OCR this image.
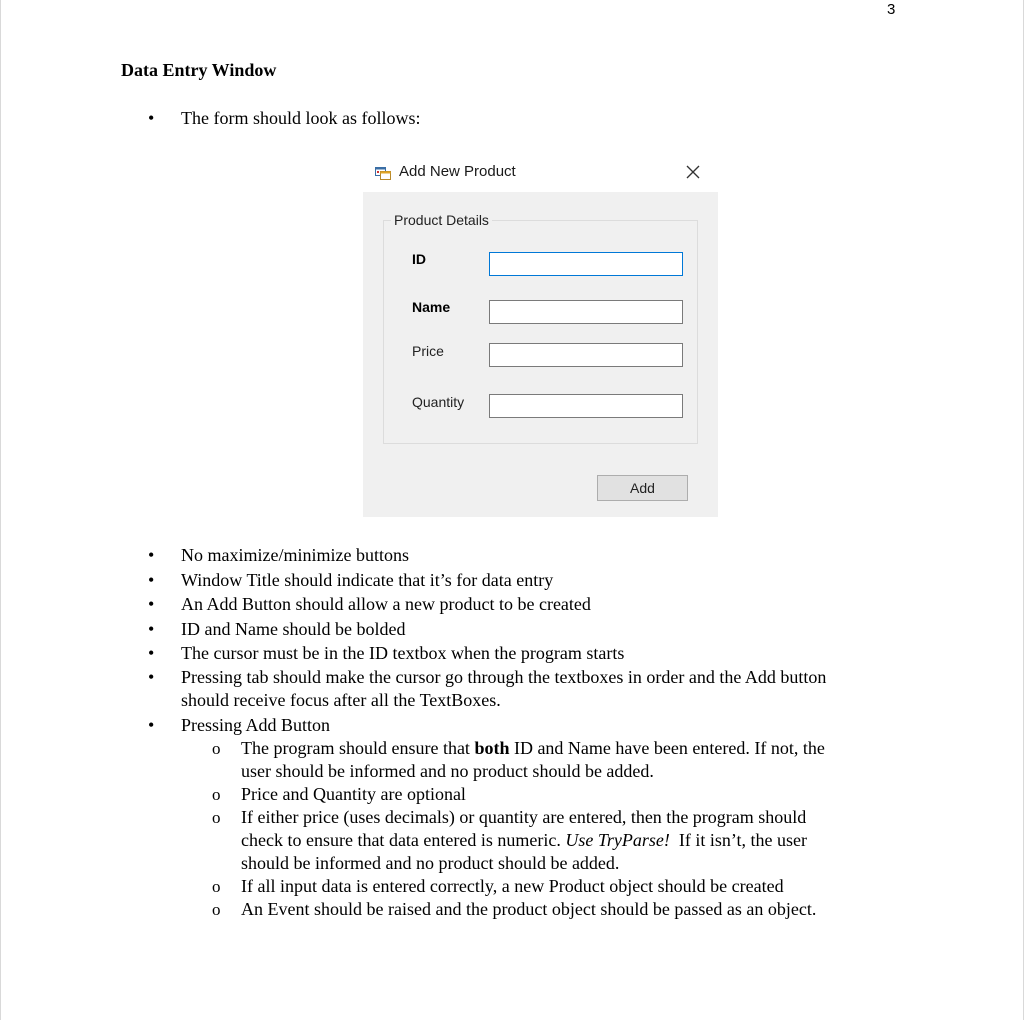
3
Data Entry Window
• The form should look as follows:
Add New Product
Product Details
ID
Name
Price
Quantity
Add
• No maximize/minimize buttons
• Window Title should indicate that it’s for data entry
• An Add Button should allow a new product to be created
• ID and Name should be bolded
• The cursor must be in the ID textbox when the program starts
• Pressing tab should make the cursor go through the textboxes in order and the Add button
should receive focus after all the TextBoxes.
• Pressing Add Button
o The program should ensure that both ID and Name have been entered. If not, the
user should be informed and no product should be added.
o Price and Quantity are optional
o If either price (uses decimals) or quantity are entered, then the program should
check to ensure that data entered is numeric. Use TryParse!  If it isn’t, the user
should be informed and no product should be added.
o If all input data is entered correctly, a new Product object should be created
o An Event should be raised and the product object should be passed as an object.
